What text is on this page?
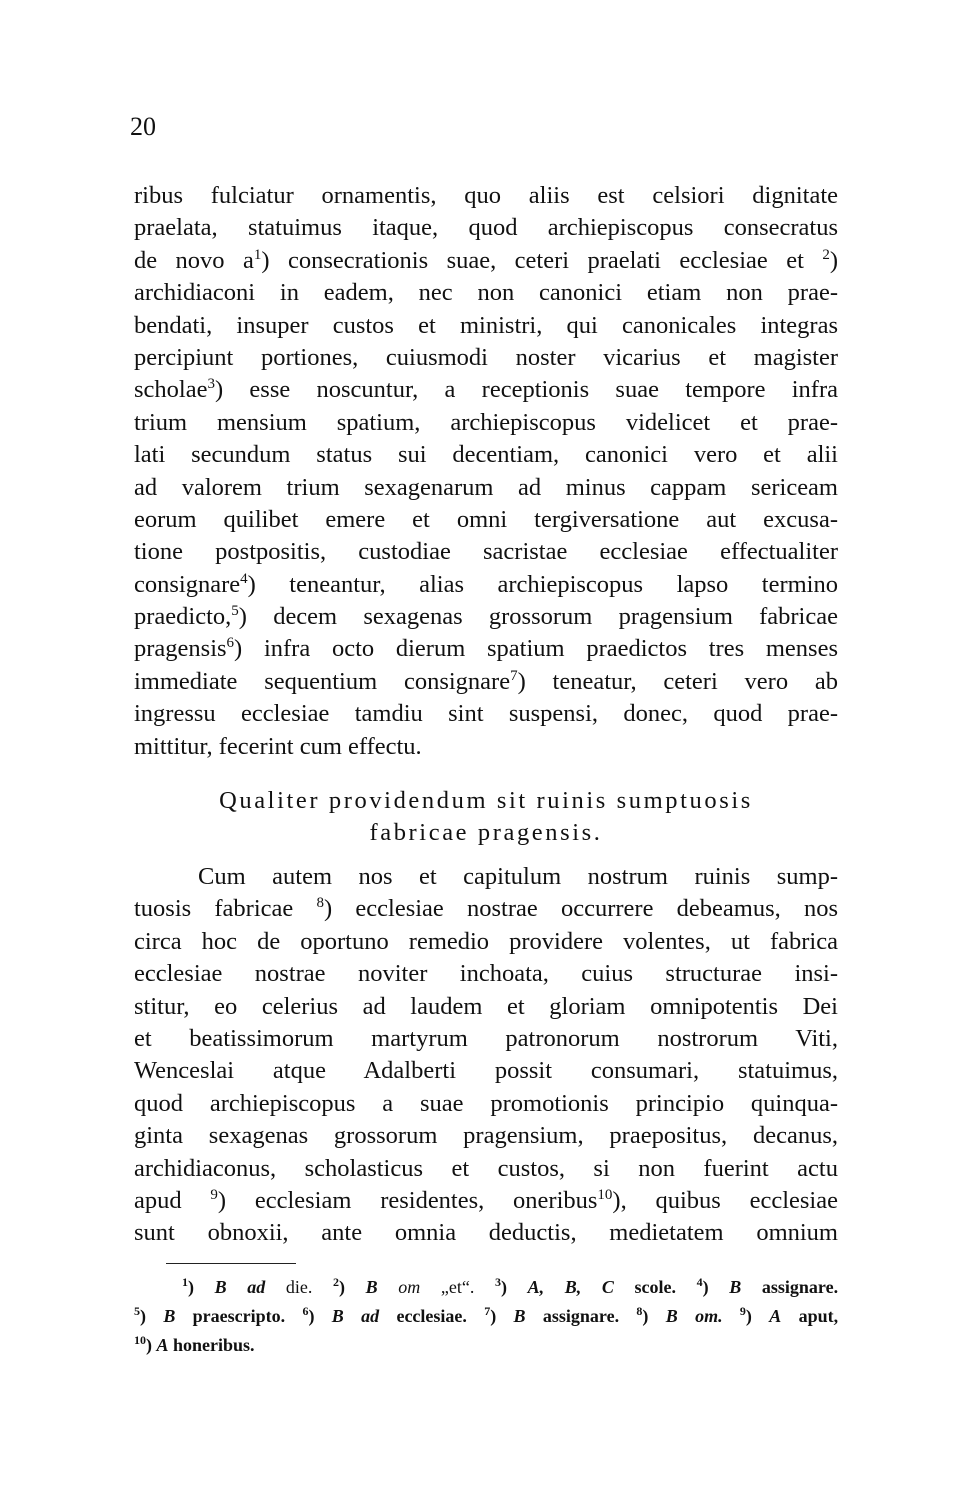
20
ribus fulciatur ornamentis, quo aliis est celsiori dignitate
praelata, statuimus itaque, quod archiepiscopus consecratus
de novo $a^1$) consecrationis suae, ceteri praelati ecclesiae et $^2$)
archidiaconi in eadem, nec non canonici etiam non prae-
bendati, insuper custos et ministri, qui canonicales integras
percipiunt portiones, cuiusmodi noster vicarius et magister
scholae$^3$) esse noscuntur, a receptionis suae tempore infra
trium mensium spatium, archiepiscopus videlicet et prae-
lati secundum status sui decentiam, canonici vero et alii
ad valorem trium sexagenarum ad minus cappam sericeam
eorum quilibet emere et omni tergiversatione aut excusa-
tione postpositis, custodiae sacristae ecclesiae effectualiter
consignare$^4$) teneantur, alias archiepiscopus lapso termino
praedicto,$^5$) decem sexagenas grossorum pragensium fabricae
pragensis$^6$) infra octo dierum spatium praedictos tres menses
immediate sequentium consignare$^7$) teneatur, ceteri vero ab
ingressu ecclesiae tamdiu sint suspensi, donec, quod prae-
mittitur, fecerint cum effectu.
Qualiter providendum sit ruinis sumptuosis
fabricae pragensis.
Cum autem nos et capitulum nostrum ruinis sump-
tuosis fabricae $^8$) ecclesiae nostrae occurrere debeamus, nos
circa hoc de oportuno remedio providere volentes, ut fabrica
ecclesiae nostrae noviter inchoata, cuius structurae insi-
stitur, eo celerius ad laudem et gloriam omnipotentis Dei
et beatissimorum martyrum patronorum nostrorum Viti,
Wenceslai atque Adalberti possit consumari, statuimus,
quod archiepiscopus a suae promotionis principio quinqua-
ginta sexagenas grossorum pragensium, praepositus, decanus,
archidiaconus, scholasticus et custos, si non fuerint actu
apud $^9$) ecclesiam residentes, oneribus$^{10}$), quibus ecclesiae
sunt obnoxii, ante omnia deductis, medietatem omnium
$^1$) B ad die. $^2$) B om „et“. $^3$) A, B, C scole. $^4$) B assignare.
$^5$) B praescripto. $^6$) B ad ecclesiae. $^7$) B assignare. $^8$) B om. $^9$) A aput,
$^{10}$) A honeribus.
